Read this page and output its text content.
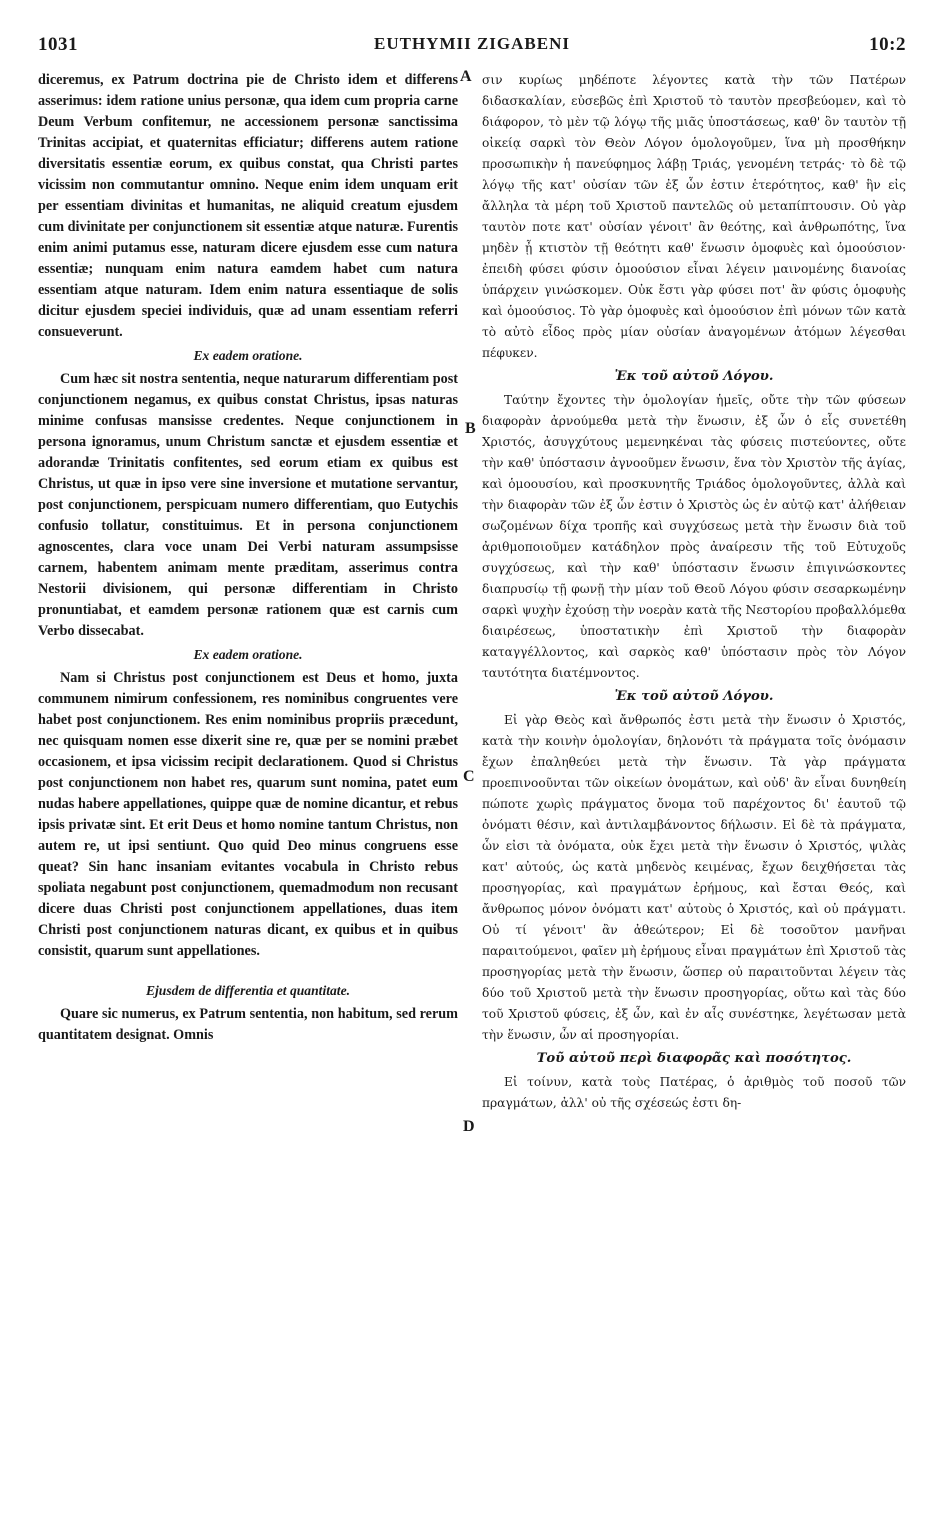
1031	EUTHYMII ZIGABENI	10:2
A
B
C
D

diceremus, ex Patrum doctrina pie de Christo idem et differens asserimus: idem ratione unius personæ, qua idem cum propria carne Deum Verbum confitemur, ne accessionem personæ sanctissima Trinitas accipiat, et quaternitas efficiatur; differens autem ratione diversitatis essentiæ eorum, ex quibus constat, qua Christi partes vicissim non commutantur omnino. Neque enim idem unquam erit per essentiam divinitas et humanitas, ne aliquid creatum ejusdem cum divinitate per conjunctionem sit essentiæ atque naturæ. Furentis enim animi putamus esse, naturam dicere ejusdem esse cum natura essentiæ; nunquam enim natura eamdem habet cum natura essentiam atque naturam. Idem enim natura essentiaque de solis dicitur ejusdem speciei individuis, quæ ad unam essentiam referri consueverunt.

Ex eadem oratione.

Cum hæc sit nostra sententia, neque naturarum differentiam post conjunctionem negamus, ex quibus constat Christus, ipsas naturas minime confusas mansisse credentes. Neque conjunctionem in persona ignoramus, unum Christum sanctæ et ejusdem essentiæ et adorandæ Trinitatis confitentes, sed eorum etiam ex quibus est Christus, ut quæ in ipso vere sine inversione et mutatione servantur, post conjunctionem, perspicuam numero differentiam, quo Eutychis confusio tollatur, constituimus. Et in persona conjunctionem agnoscentes, clara voce unam Dei Verbi naturam assumpsisse carnem, habentem animam mente præditam, asserimus contra Nestorii divisionem, qui personæ differentiam in Christo pronuntiabat, et eamdem personæ rationem quæ est carnis cum Verbo dissecabat.

Ex eadem oratione.

Nam si Christus post conjunctionem est Deus et homo, juxta communem nimirum confessionem, res nominibus congruentes vere habet post conjunctionem. Res enim nominibus propriis præcedunt, nec quisquam nomen esse dixerit sine re, quæ per se nomini præbet occasionem, et ipsa vicissim recipit declarationem. Quod si Christus post conjunctionem non habet res, quarum sunt nomina, patet eum nudas habere appellationes, quippe quæ de nomine dicantur, et rebus ipsis privatæ sint. Et erit Deus et homo nomine tantum Christus, non autem re, ut ipsi sentiunt. Quo quid Deo minus congruens esse queat? Sin hanc insaniam evitantes vocabula in Christo rebus spoliata negabunt post conjunctionem, quemadmodum non recusant dicere duas Christi post conjunctionem appellationes, duas item Christi post conjunctionem naturas dicant, ex quibus et in quibus consistit, quarum sunt appellationes.

Ejusdem de differentia et quantitate.

Quare sic numerus, ex Patrum sententia, non habitum, sed rerum quantitatem designat. Omnis

σιν κυρίως μηδέποτε λέγοντες κατὰ τὴν τῶν Πατέρων διδασκαλίαν, εὐσεβῶς ἐπὶ Χριστοῦ τὸ ταυτὸν πρεσβεύομεν, καὶ τὸ διάφορον, τὸ μὲν τῷ λόγῳ τῆς μιᾶς ὑποστάσεως, καθ' ὃν ταυτὸν τῇ οἰκείᾳ σαρκὶ τὸν Θεὸν Λόγον ὁμολογοῦμεν, ἵνα μὴ προσθήκην προσωπικὴν ἡ πανεύφημος λάβῃ Τριάς, γενομένη τετράς· τὸ δὲ τῷ λόγῳ τῆς κατ' οὐσίαν τῶν ἐξ ὧν ἐστιν ἑτερότητος, καθ' ἣν εἰς ἄλληλα τὰ μέρη τοῦ Χριστοῦ παντελῶς οὐ μεταπίπτουσιν. Οὐ γὰρ ταυτὸν ποτε κατ' οὐσίαν γένοιτ' ἂν θεότης, καὶ ἀνθρωπότης, ἵνα μηδὲν ᾖ κτιστὸν τῇ θεότητι καθ' ἕνωσιν ὁμοφυὲς καὶ ὁμοούσιον· ἐπειδὴ φύσει φύσιν ὁμοούσιον εἶναι λέγειν μαινομένης διανοίας ὑπάρχειν γινώσκομεν. Οὐκ ἔστι γὰρ φύσει ποτ' ἂν φύσις ὁμοφυὴς καὶ ὁμοούσιος. Τὸ γὰρ ὁμοφυὲς καὶ ὁμοούσιον ἐπὶ μόνων τῶν κατὰ τὸ αὐτὸ εἶδος πρὸς μίαν οὐσίαν ἀναγομένων ἀτόμων λέγεσθαι πέφυκεν.

Ἐκ τοῦ αὐτοῦ Λόγου.

Ταύτην ἔχοντες τὴν ὁμολογίαν ἡμεῖς, οὔτε τὴν τῶν φύσεων διαφορὰν ἀρνούμεθα μετὰ τὴν ἕνωσιν, ἐξ ὧν ὁ εἷς συνετέθη Χριστός, ἀσυγχύτους μεμενηκέναι τὰς φύσεις πιστεύοντες, οὔτε τὴν καθ' ὑπόστασιν ἀγνοοῦμεν ἕνωσιν, ἕνα τὸν Χριστὸν τῆς ἁγίας, καὶ ὁμοουσίου, καὶ προσκυνητῆς Τριάδος ὁμολογοῦντες, ἀλλὰ καὶ τὴν διαφορὰν τῶν ἐξ ὧν ἐστιν ὁ Χριστὸς ὡς ἐν αὐτῷ κατ' ἀλήθειαν σωζομένων δίχα τροπῆς καὶ συγχύσεως μετὰ τὴν ἕνωσιν διὰ τοῦ ἀριθμοποιοῦμεν κατάδηλον πρὸς ἀναίρεσιν τῆς τοῦ Εὐτυχοῦς συγχύσεως, καὶ τὴν καθ' ὑπόστασιν ἕνωσιν ἐπιγινώσκοντες διαπρυσίῳ τῇ φωνῇ τὴν μίαν τοῦ Θεοῦ Λόγου φύσιν σεσαρκωμένην σαρκὶ ψυχὴν ἐχούσῃ τὴν νοερὰν κατὰ τῆς Νεστορίου προβαλλόμεθα διαιρέσεως, ὑποστατικὴν ἐπὶ Χριστοῦ τὴν διαφορὰν καταγγέλλοντος, καὶ σαρκὸς καθ' ὑπόστασιν πρὸς τὸν Λόγον ταυτότητα διατέμνοντος.

Ἐκ τοῦ αὐτοῦ Λόγου.

Εἰ γὰρ Θεὸς καὶ ἄνθρωπός ἐστι μετὰ τὴν ἕνωσιν ὁ Χριστός, κατὰ τὴν κοινὴν ὁμολογίαν, δηλονότι τὰ πράγματα τοῖς ὀνόμασιν ἔχων ἐπαληθεύει μετὰ τὴν ἕνωσιν. Τὰ γὰρ πράγματα προεπινοοῦνται τῶν οἰκείων ὀνομάτων, καὶ οὐδ' ἂν εἶναι δυνηθείη πώποτε χωρὶς πράγματος ὄνομα τοῦ παρέχοντος δι' ἑαυτοῦ τῷ ὀνόματι θέσιν, καὶ ἀντιλαμβάνοντος δήλωσιν. Εἰ δὲ τὰ πράγματα, ὧν εἰσι τὰ ὀνόματα, οὐκ ἔχει μετὰ τὴν ἕνωσιν ὁ Χριστός, ψιλὰς κατ' αὐτούς, ὡς κατὰ μηδενὸς κειμένας, ἔχων δειχθήσεται τὰς προσηγορίας, καὶ πραγμάτων ἐρήμους, καὶ ἔσται Θεός, καὶ ἄνθρωπος μόνον ὀνόματι κατ' αὐτοὺς ὁ Χριστός, καὶ οὐ πράγματι. Οὐ τί γένοιτ' ἂν ἀθεώτερον; Εἰ δὲ τοσοῦτον μανῆναι παραιτούμενοι, φαῖεν μὴ ἐρήμους εἶναι πραγμάτων ἐπὶ Χριστοῦ τὰς προσηγορίας μετὰ τὴν ἕνωσιν, ὥσπερ οὐ παραιτοῦνται λέγειν τὰς δύο τοῦ Χριστοῦ μετὰ τὴν ἕνωσιν προσηγορίας, οὕτω καὶ τὰς δύο τοῦ Χριστοῦ φύσεις, ἐξ ὧν, καὶ ἐν αἷς συνέστηκε, λεγέτωσαν μετὰ τὴν ἕνωσιν, ὧν αἱ προσηγορίαι.

Τοῦ αὐτοῦ περὶ διαφορᾶς καὶ ποσότητος.

Εἰ τοίνυν, κατὰ τοὺς Πατέρας, ὁ ἀριθμὸς τοῦ ποσοῦ τῶν πραγμάτων, ἀλλ' οὐ τῆς σχέσεώς ἐστι δη-
